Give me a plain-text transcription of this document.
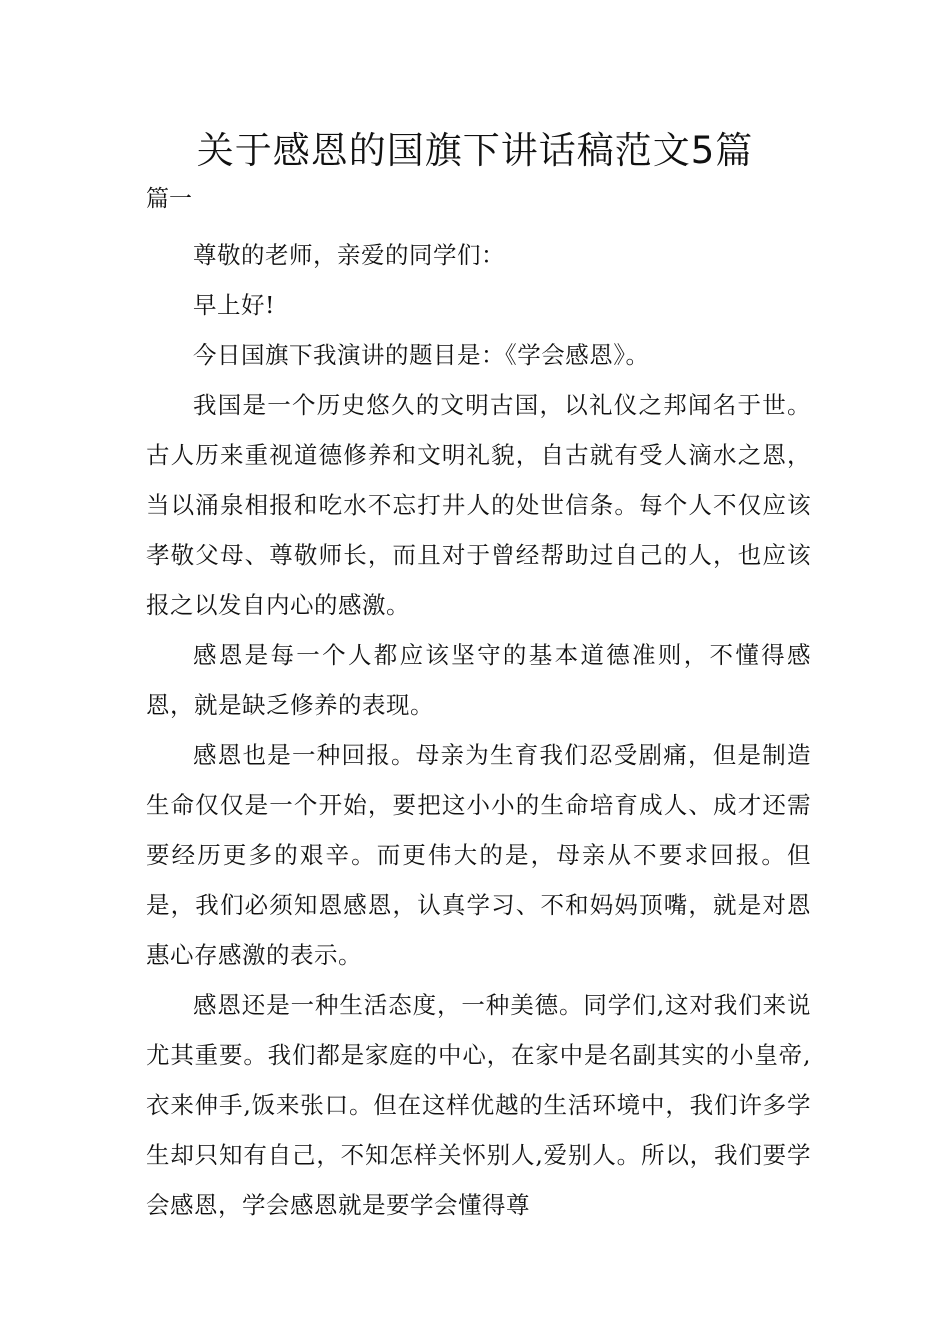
关于感恩的国旗下讲话稿范文5篇
篇一

尊敬的老师，亲爱的同学们：

早上好!

今日国旗下我演讲的题目是：《学会感恩》。

我国是一个历史悠久的文明古国，以礼仪之邦闻名于世。古人历来重视道德修养和文明礼貌，自古就有受人滴水之恩，当以涌泉相报和吃水不忘打井人的处世信条。每个人不仅应该孝敬父母、尊敬师长，而且对于曾经帮助过自己的人，也应该报之以发自内心的感激。

感恩是每一个人都应该坚守的基本道德准则，不懂得感恩，就是缺乏修养的表现。

感恩也是一种回报。母亲为生育我们忍受剧痛，但是制造生命仅仅是一个开始，要把这小小的生命培育成人、成才还需要经历更多的艰辛。而更伟大的是，母亲从不要求回报。但是，我们必须知恩感恩，认真学习、不和妈妈顶嘴，就是对恩惠心存感激的表示。

感恩还是一种生活态度，一种美德。同学们,这对我们来说尤其重要。我们都是家庭的中心，在家中是名副其实的小皇帝,衣来伸手,饭来张口。但在这样优越的生活环境中，我们许多学生却只知有自己，不知怎样关怀别人,爱别人。所以，我们要学会感恩，学会感恩就是要学会懂得尊
